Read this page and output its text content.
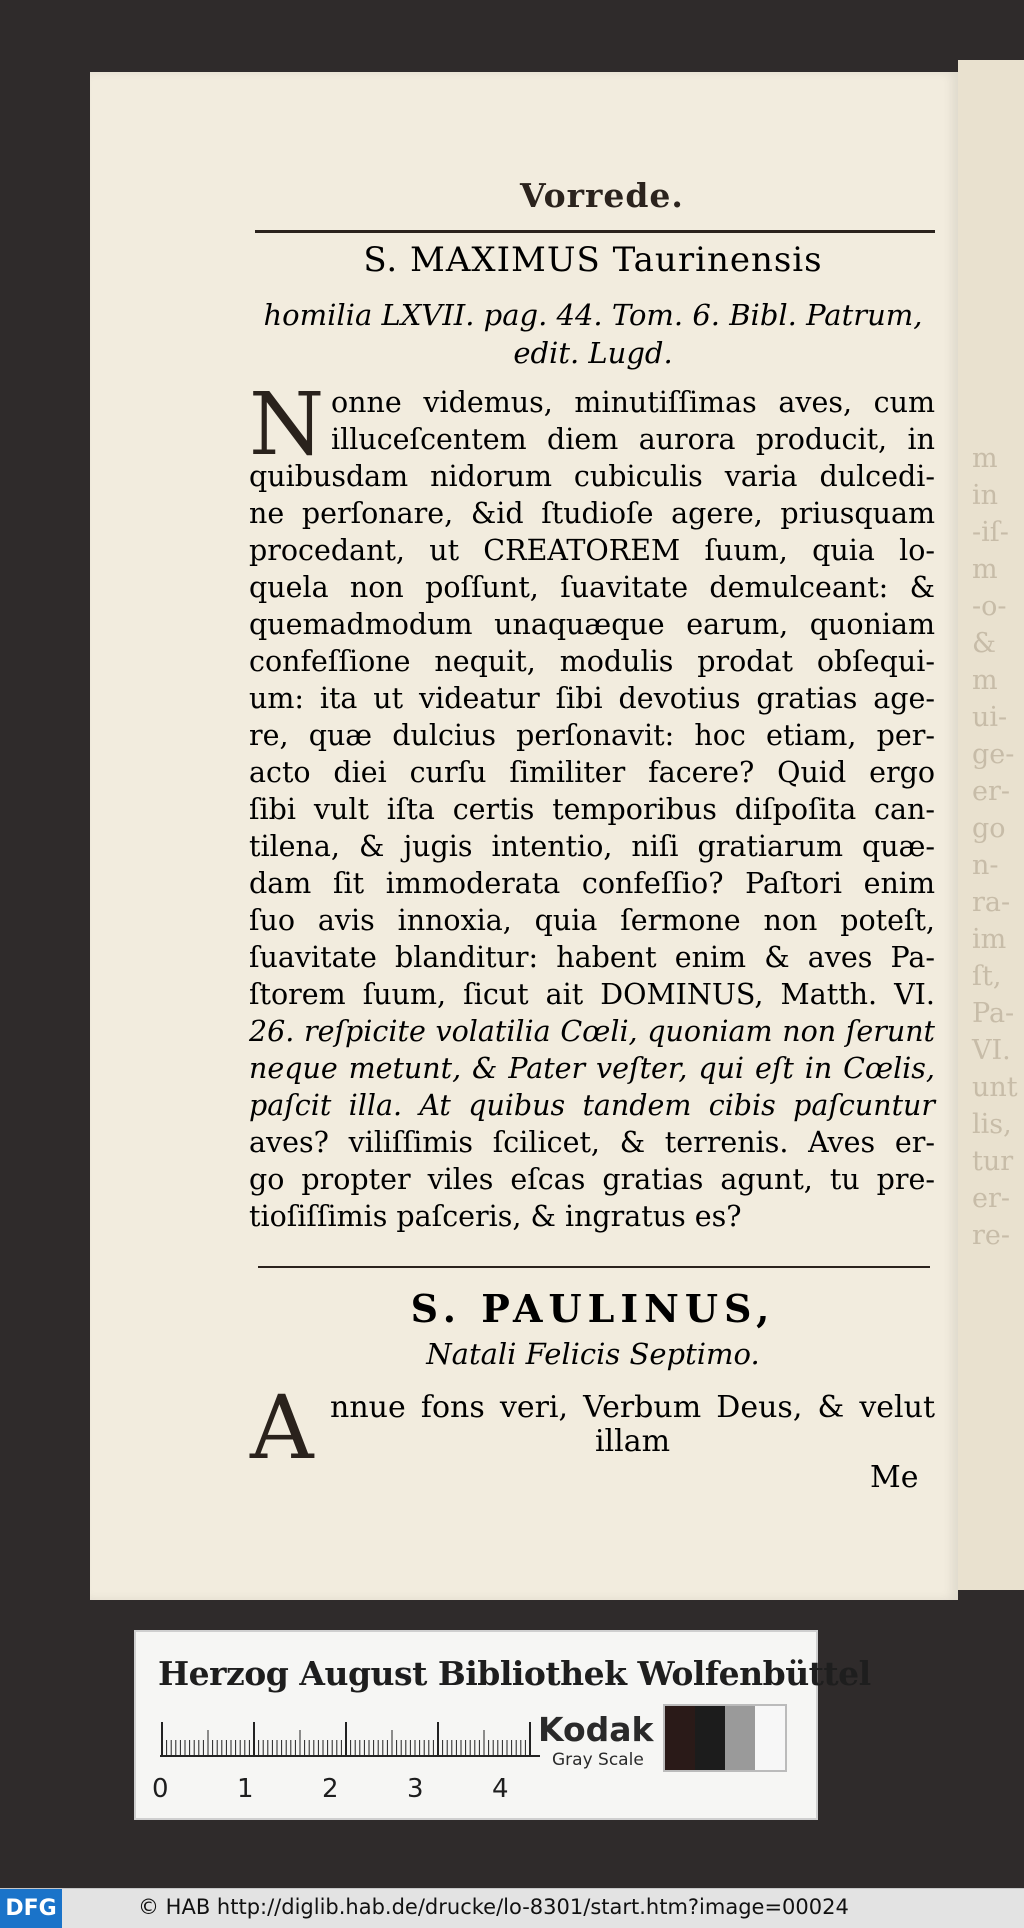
m
in
-iſ-
m
-o-
&
m
ui-
ge-
er-
go
n-
ra-
im
ſt,
Pa-
VI.
unt
lis,
tur
er-
re-
Vorrede.
S. MAXIMUS Taurinensis
homilia LXVII. pag. 44. Tom. 6. Bibl. Patrum,
edit. Lugd.
N onne videmus, minutiſſimas aves, cum
illuceſcentem diem aurora producit, in
quibusdam nidorum cubiculis varia dulcedi-
ne perſonare, &id ſtudioſe agere, priusquam
procedant, ut CREATOREM ſuum, quia lo-
quela non poſſunt, ſuavitate demulceant: &
quemadmodum unaquæque earum, quoniam
confeſſione nequit, modulis prodat obſequi-
um: ita ut videatur ſibi devotius gratias age-
re, quæ dulcius perſonavit: hoc etiam, per-
acto diei curſu ſimiliter facere? Quid ergo
ſibi vult iſta certis temporibus diſpoſita can-
tilena, & jugis intentio, niſi gratiarum quæ-
dam ſit immoderata confeſſio? Paſtori enim
ſuo avis innoxia, quia ſermone non poteſt,
ſuavitate blanditur: habent enim & aves Pa-
ſtorem ſuum, ſicut ait DOMINUS, Matth. VI.
26. reſpicite volatilia Cœli, quoniam non ſerunt
neque metunt, & Pater veſter, qui eſt in Cœlis,
paſcit illa. At quibus tandem cibis paſcuntur
aves? viliſſimis ſcilicet, & terrenis. Aves er-
go propter viles eſcas gratias agunt, tu pre-
tioſiſſimis paſceris, & ingratus es?
S. PAULINUS,
Natali Felicis Septimo.
A nnue fons veri, Verbum Deus, & velut
illam
Me
Herzog August Bibliothek Wolfenbüttel
0	1	2	3	4
Kodak
Gray Scale
DFG	© HAB http://diglib.hab.de/drucke/lo-8301/start.htm?image=00024
